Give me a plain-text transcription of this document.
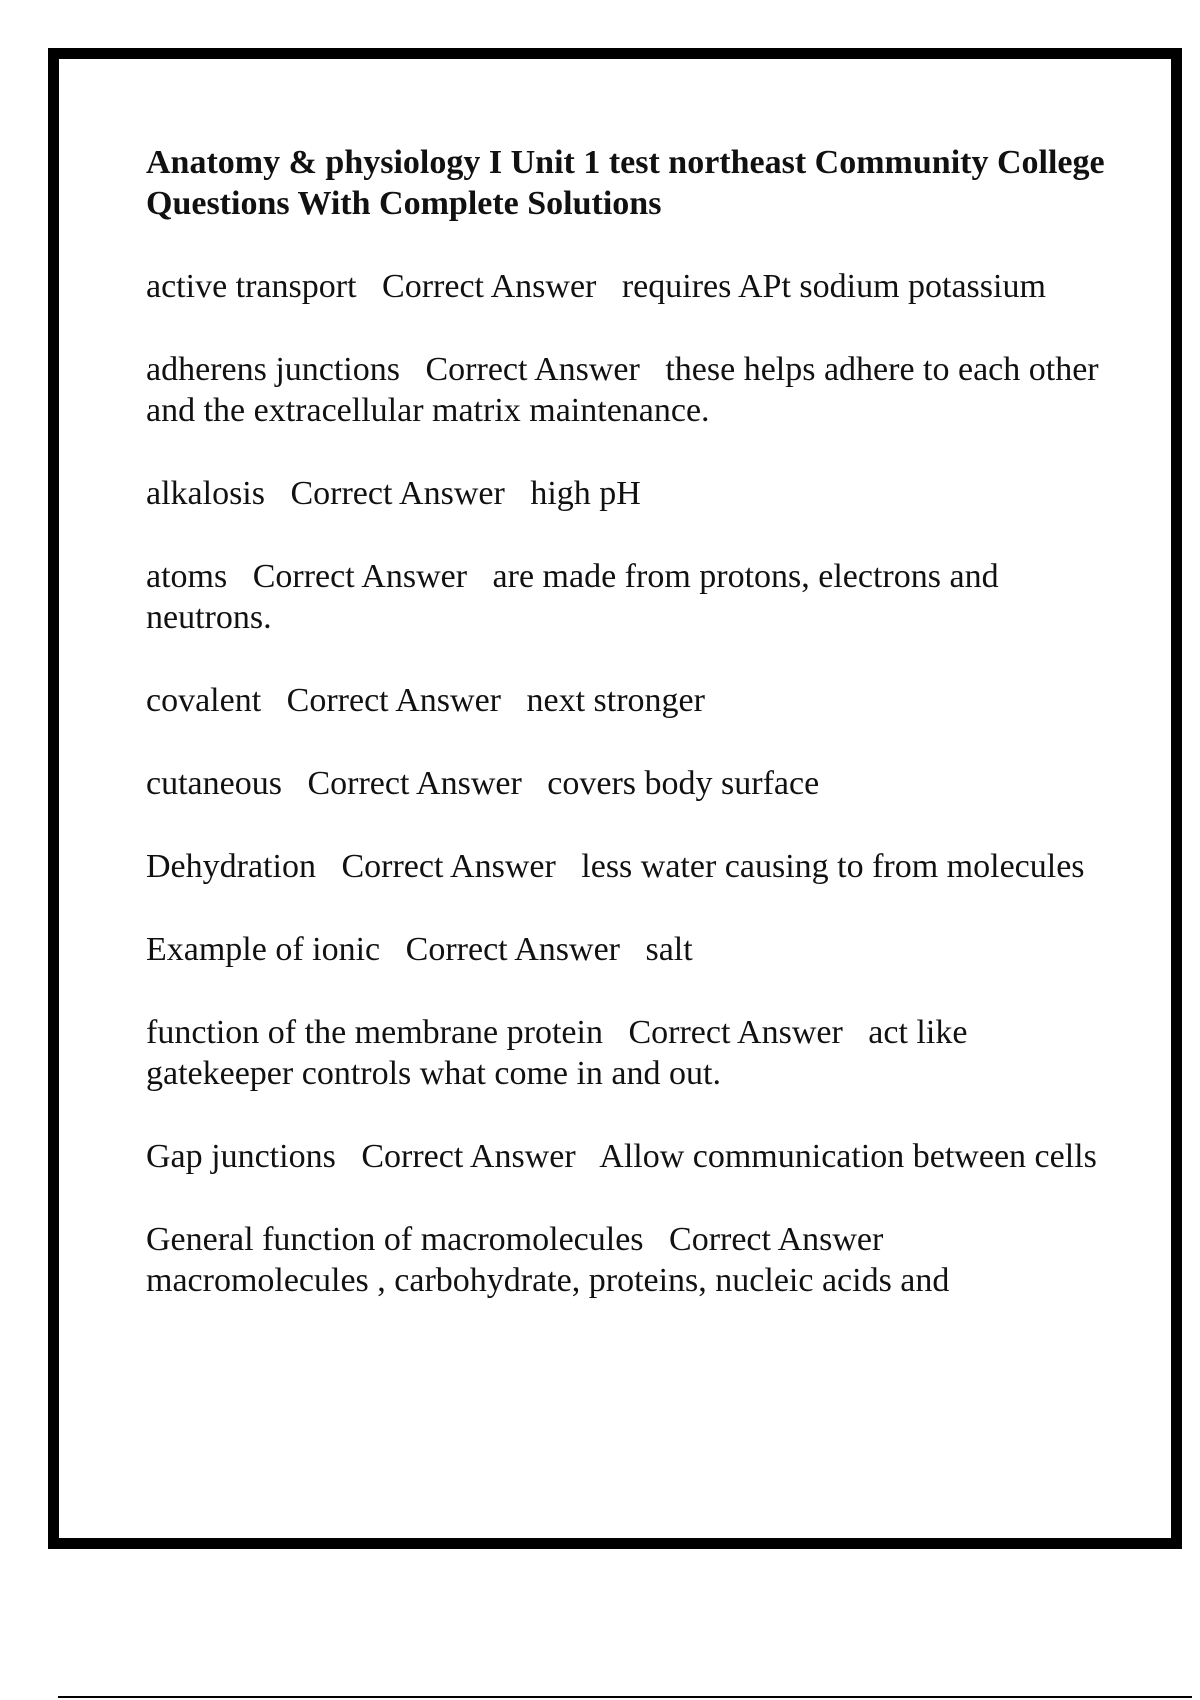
Anatomy & physiology I Unit 1 test northeast Community College Questions With Complete Solutions
active transport Correct Answer requires APt sodium potassium
adherens junctions Correct Answer these helps adhere to each other and the extracellular matrix maintenance.
alkalosis Correct Answer high pH
atoms Correct Answer are made from protons, electrons and neutrons.
covalent Correct Answer next stronger
cutaneous Correct Answer covers body surface
Dehydration Correct Answer less water causing to from molecules
Example of ionic Correct Answer salt
function of the membrane protein Correct Answer act like gatekeeper controls what come in and out.
Gap junctions Correct Answer Allow communication between cells
General function of macromolecules Correct Answer   macromolecules , carbohydrate, proteins, nucleic acids and
